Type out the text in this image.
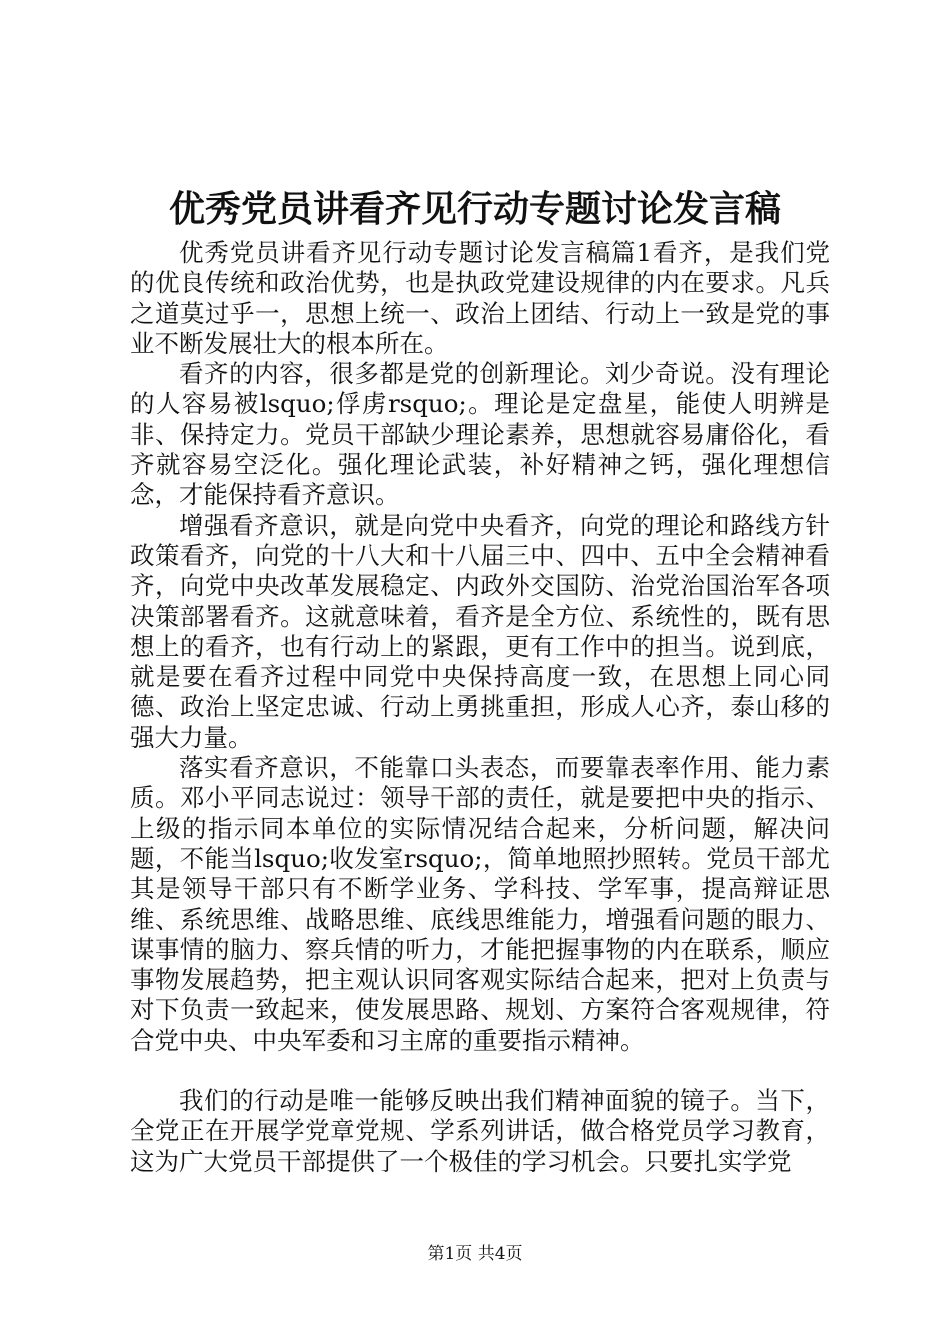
优秀党员讲看齐见行动专题讨论发言稿

优秀党员讲看齐见行动专题讨论发言稿篇1看齐，是我们党的优良传统和政治优势，也是执政党建设规律的内在要求。凡兵之道莫过乎一，思想上统一、政治上团结、行动上一致是党的事业不断发展壮大的根本所在。

看齐的内容，很多都是党的创新理论。刘少奇说。没有理论的人容易被lsquo;俘虏rsquo;。理论是定盘星，能使人明辨是非、保持定力。党员干部缺少理论素养，思想就容易庸俗化，看齐就容易空泛化。强化理论武装，补好精神之钙，强化理想信念，才能保持看齐意识。

增强看齐意识，就是向党中央看齐，向党的理论和路线方针政策看齐，向党的十八大和十八届三中、四中、五中全会精神看齐，向党中央改革发展稳定、内政外交国防、治党治国治军各项决策部署看齐。这就意味着，看齐是全方位、系统性的，既有思想上的看齐，也有行动上的紧跟，更有工作中的担当。说到底，就是要在看齐过程中同党中央保持高度一致，在思想上同心同德、政治上坚定忠诚、行动上勇挑重担，形成人心齐，泰山移的强大力量。

落实看齐意识，不能靠口头表态，而要靠表率作用、能力素质。邓小平同志说过：领导干部的责任，就是要把中央的指示、上级的指示同本单位的实际情况结合起来，分析问题，解决问题，不能当lsquo;收发室rsquo;，简单地照抄照转。党员干部尤其是领导干部只有不断学业务、学科技、学军事，提高辩证思维、系统思维、战略思维、底线思维能力，增强看问题的眼力、谋事情的脑力、察兵情的听力，才能把握事物的内在联系，顺应事物发展趋势，把主观认识同客观实际结合起来，把对上负责与对下负责一致起来，使发展思路、规划、方案符合客观规律，符合党中央、中央军委和习主席的重要指示精神。

我们的行动是唯一能够反映出我们精神面貌的镜子。当下，全党正在开展学党章党规、学系列讲话，做合格党员学习教育，这为广大党员干部提供了一个极佳的学习机会。只要扎实学党

第1页 共4页
